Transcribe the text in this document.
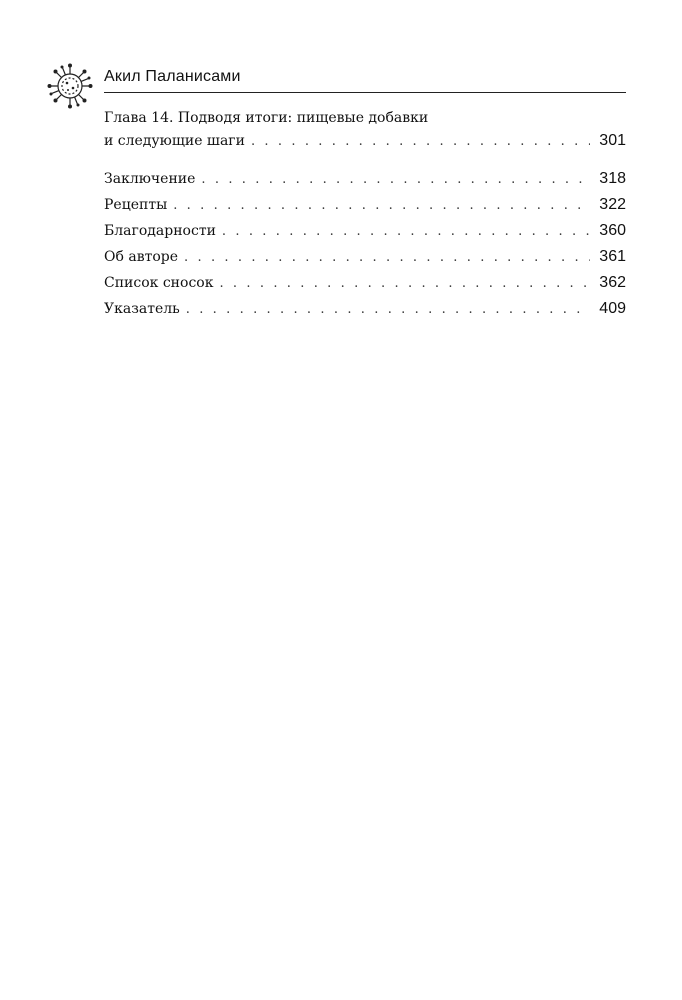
Акил Паланисами
Глава 14. Подводя итоги: пищевые добавки
и следующие шаги . . .	301
Заключение . . .	318
Рецепты . . .	322
Благодарности . . .	360
Об авторе . . .	361
Список сносок . . .	362
Указатель . . .	409
